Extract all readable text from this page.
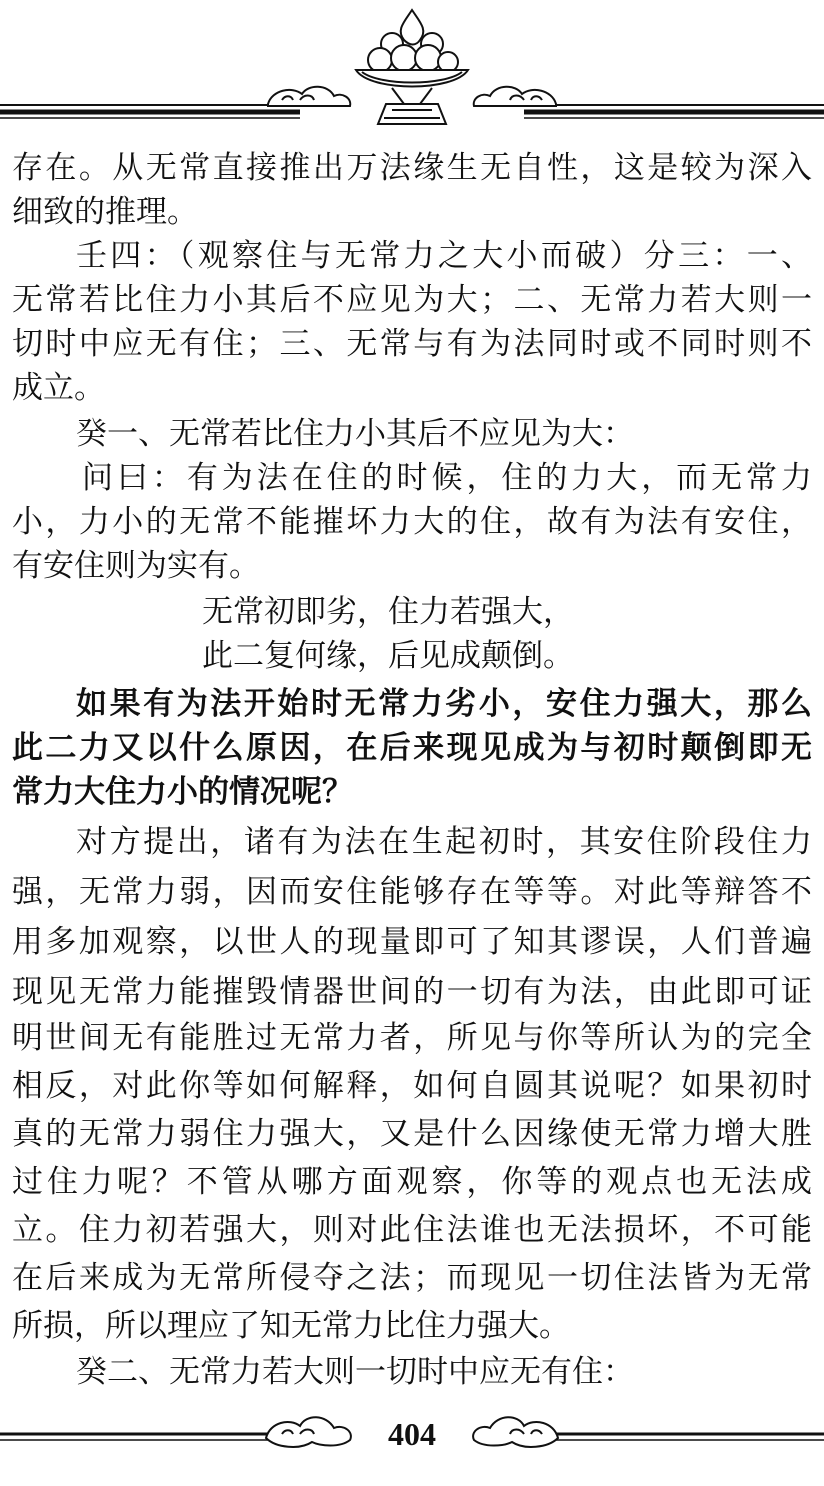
存在。从无常直接推出万法缘生无自性，这是较为深入

细致的推理。

壬四：（观察住与无常力之大小而破）分三：一、

无常若比住力小其后不应见为大；二、无常力若大则一

切时中应无有住；三、无常与有为法同时或不同时则不

成立。

癸一、无常若比住力小其后不应见为大：

问曰：有为法在住的时候，住的力大，而无常力

小，力小的无常不能摧坏力大的住，故有为法有安住，

有安住则为实有。

无常初即劣，住力若强大，

此二复何缘，后见成颠倒。

如果有为法开始时无常力劣小，安住力强大，那么

此二力又以什么原因，在后来现见成为与初时颠倒即无

常力大住力小的情况呢？

对方提出，诸有为法在生起初时，其安住阶段住力

强，无常力弱，因而安住能够存在等等。对此等辩答不

用多加观察，以世人的现量即可了知其谬误，人们普遍

现见无常力能摧毁情器世间的一切有为法，由此即可证

明世间无有能胜过无常力者，所见与你等所认为的完全

相反，对此你等如何解释，如何自圆其说呢？如果初时

真的无常力弱住力强大，又是什么因缘使无常力增大胜

过住力呢？不管从哪方面观察，你等的观点也无法成

立。住力初若强大，则对此住法谁也无法损坏，不可能

在后来成为无常所侵夺之法；而现见一切住法皆为无常

所损，所以理应了知无常力比住力强大。

癸二、无常力若大则一切时中应无有住：

404
